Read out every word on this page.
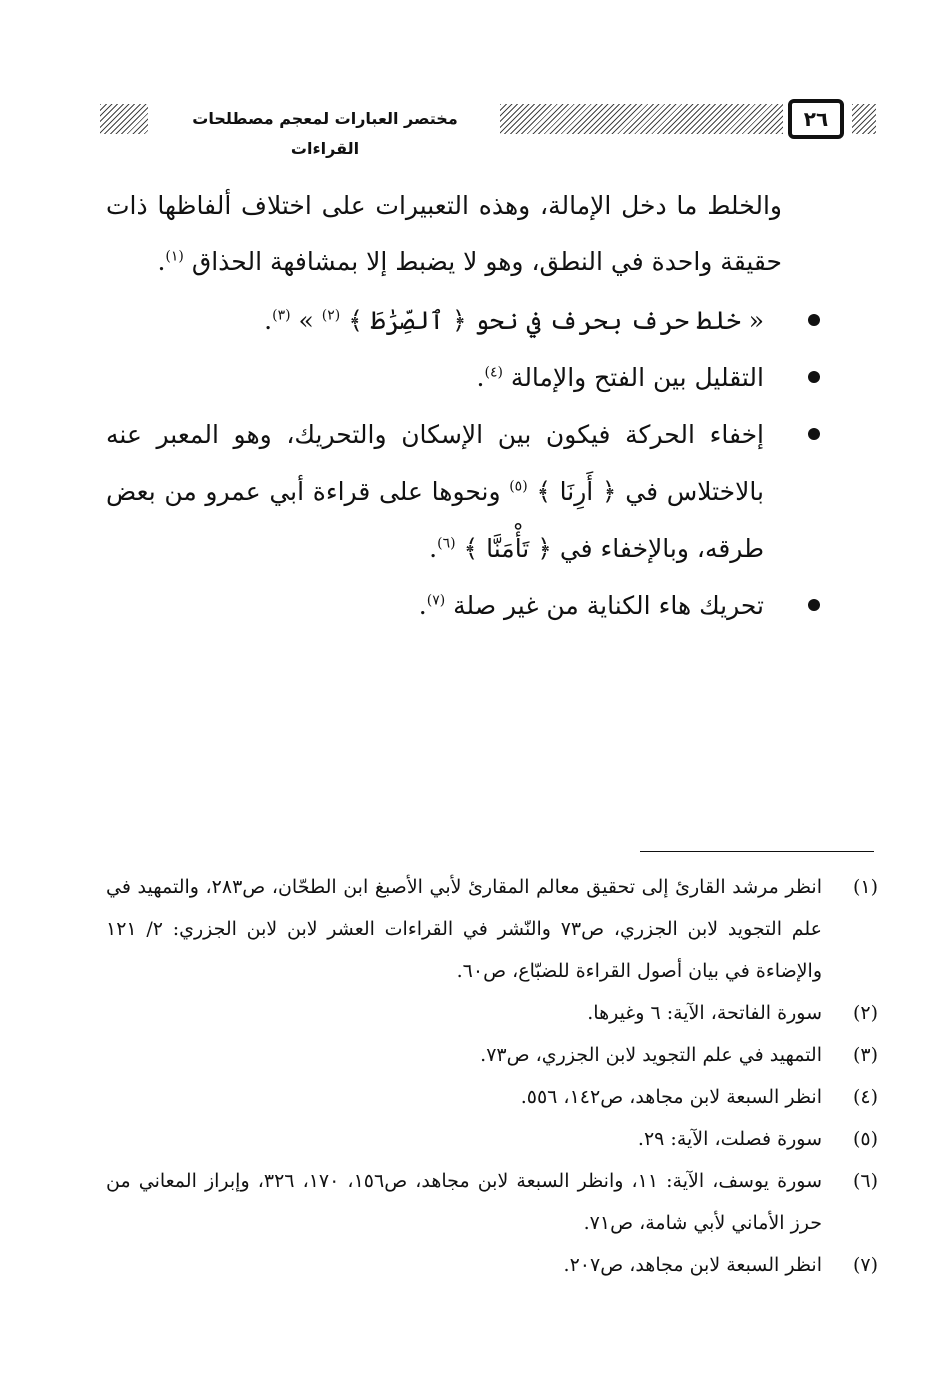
مختصر العبارات لمعجم مصطلحات القراءات
٢٦

والخلط ما دخل الإمالة، وهذه التعبيرات على اختلاف ألفاظها ذات حقيقة واحدة في النطق، وهو لا يضبط إلا بمشافهة الحذاق $^{(١)}$.

« خلط حرف بحرف في نحو ﴿ ٱلصِّرَٰطَ ﴾ $^{(٢)}$ » $^{(٣)}$.
التقليل بين الفتح والإمالة $^{(٤)}$.
إخفاء الحركة فيكون بين الإسكان والتحريك، وهو المعبر عنه بالاختلاس في ﴿ أَرِنَا ﴾ $^{(٥)}$ ونحوها على قراءة أبي عمرو من بعض طرقه، وبالإخفاء في ﴿ تَأْمَنَّا ﴾ $^{(٦)}$.
تحريك هاء الكناية من غير صلة $^{(٧)}$.
(١)
انظر مرشد القارئ إلى تحقيق معالم المقارئ لأبي الأصبغ ابن الطحّان، ص٢٨٣، والتمهيد في علم التجويد لابن الجزري، ص٧٣ والنّشر في القراءات العشر لابن لابن الجزري: ٢/ ١٢١ والإضاءة في بيان أصول القراءة للضبّاع، ص٦٠.
(٢)
سورة الفاتحة، الآية: ٦ وغيرها.
(٣)
التمهيد في علم التجويد لابن الجزري، ص٧٣.
(٤)
انظر السبعة لابن مجاهد، ص١٤٢، ٥٥٦.
(٥)
سورة فصلت، الآية: ٢٩.
(٦)
سورة يوسف، الآية: ١١، وانظر السبعة لابن مجاهد، ص١٥٦، ١٧٠، ٣٢٦، وإبراز المعاني من حرز الأماني لأبي شامة، ص٧١.
(٧)
انظر السبعة لابن مجاهد، ص٢٠٧.
